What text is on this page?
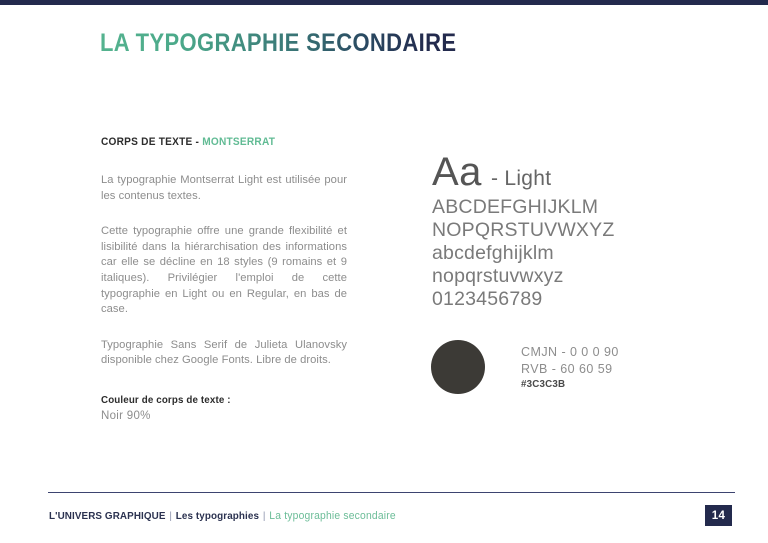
LA TYPOGRAPHIE SECONDAIRE
CORPS DE TEXTE - MONTSERRAT

La typographie Montserrat Light est utilisée pour les contenus textes.

Cette typographie offre une grande flexibilité et lisibilité dans la hiérarchisation des informations car elle se décline en 18 styles (9 romains et 9 italiques). Privilégier l'emploi de cette typographie en Light ou en Regular, en bas de case.

Typographie Sans Serif de Julieta Ulanovsky disponible chez Google Fonts. Libre de droits.

Couleur de corps de texte :
Noir 90%
Aa - Light
ABCDEFGHIJKLM
NOPQRSTUVWXYZ
abcdefghijklm
nopqrstuvwxyz
0123456789
CMJN - 0 0 0 90
RVB - 60 60 59
#3C3C3B
L'UNIVERS GRAPHIQUE | Les typographies | La typographie secondaire	14
